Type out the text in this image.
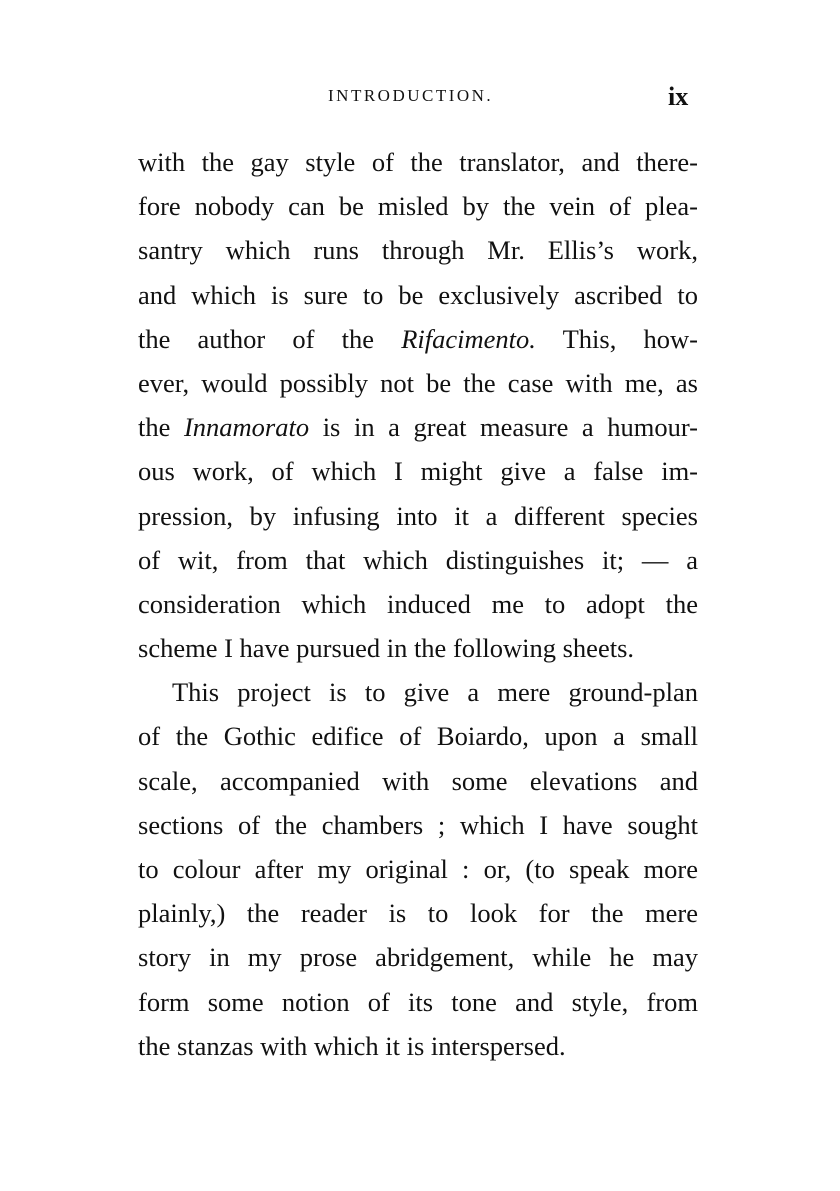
INTRODUCTION.	ix
with the gay style of the translator, and there-
fore nobody can be misled by the vein of plea-
santry which runs through Mr. Ellis’s work,
and which is sure to be exclusively ascribed to
the author of the Rifacimento. This, how-
ever, would possibly not be the case with me, as
the Innamorato is in a great measure a humour-
ous work, of which I might give a false im-
pression, by infusing into it a different species
of wit, from that which distinguishes it; — a
consideration which induced me to adopt the
scheme I have pursued in the following sheets.
This project is to give a mere ground-plan
of the Gothic edifice of Boiardo, upon a small
scale, accompanied with some elevations and
sections of the chambers ; which I have sought
to colour after my original : or, (to speak more
plainly,) the reader is to look for the mere
story in my prose abridgement, while he may
form some notion of its tone and style, from
the stanzas with which it is interspersed.
